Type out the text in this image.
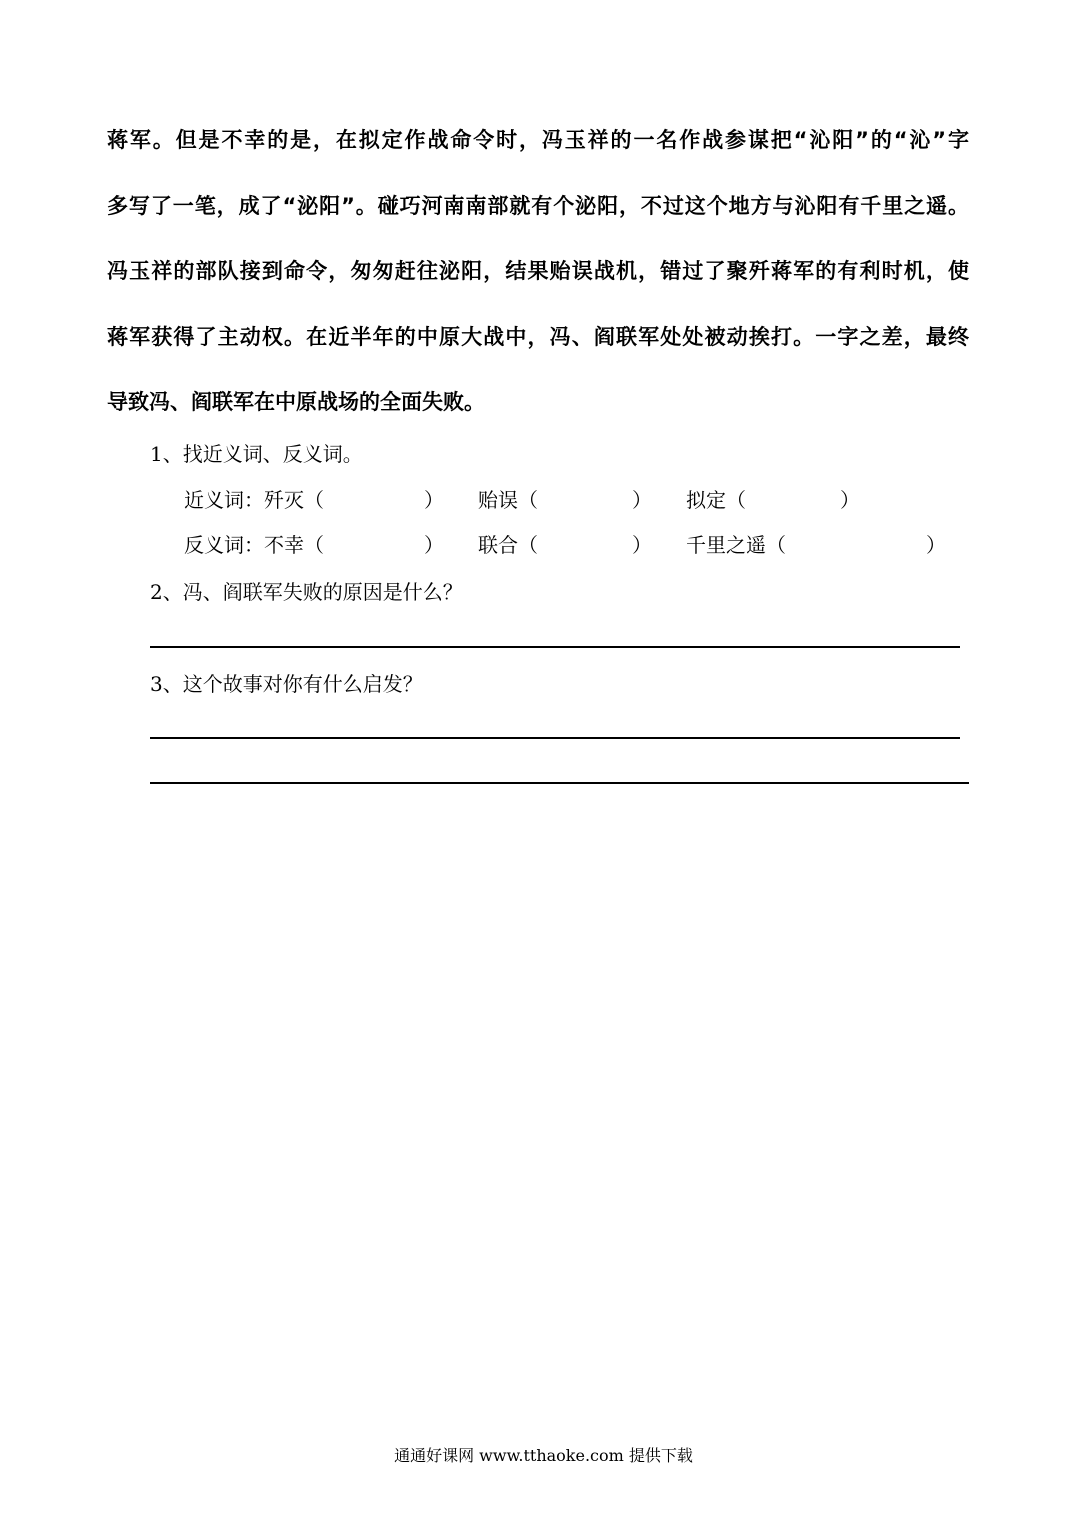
蒋军。但是不幸的是，在拟定作战命令时，冯玉祥的一名作战参谋把“沁阳”的“沁”字
多写了一笔，成了“泌阳”。碰巧河南南部就有个泌阳，不过这个地方与沁阳有千里之遥。
冯玉祥的部队接到命令，匆匆赶往泌阳，结果贻误战机，错过了聚歼蒋军的有利时机，使
蒋军获得了主动权。在近半年的中原大战中，冯、阎联军处处被动挨打。一字之差，最终
导致冯、阎联军在中原战场的全面失败。
1、找近义词、反义词。
近义词： 歼灭（	） 贻误（	） 拟定（	）
反义词： 不幸（	） 联合（	） 千里之遥（	）
2、冯、阎联军失败的原因是什么？
3、这个故事对你有什么启发？
通通好课网 www.tthaoke.com 提供下载
